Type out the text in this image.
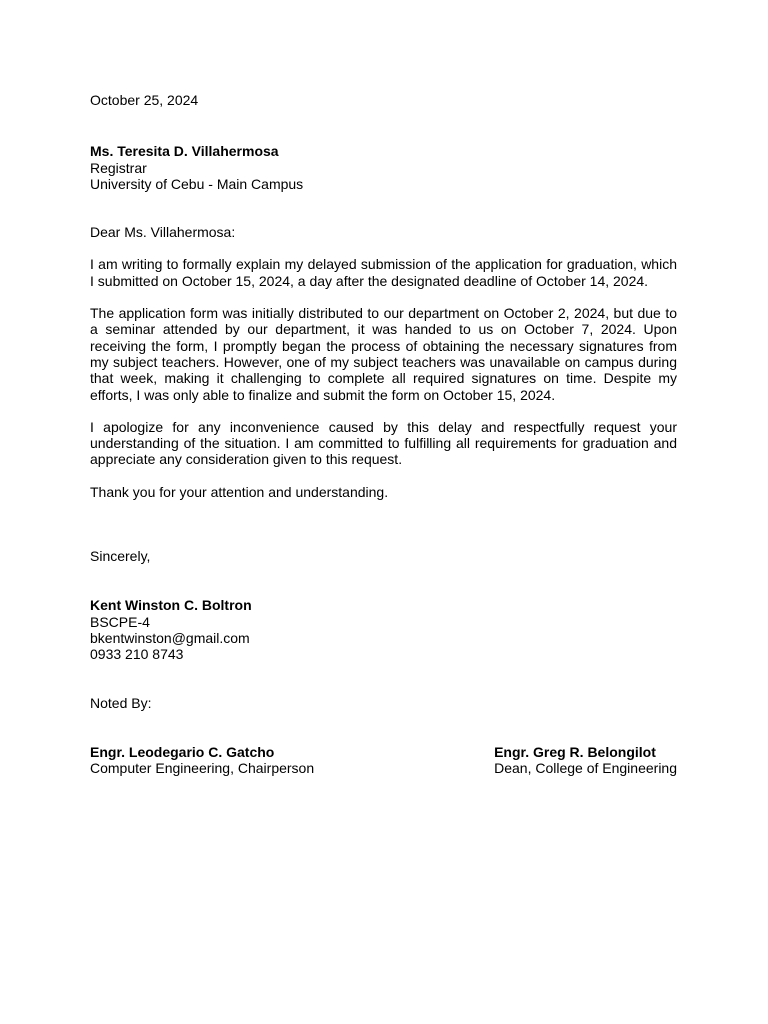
October 25, 2024
Ms. Teresita D. Villahermosa
Registrar
University of Cebu - Main Campus
Dear Ms. Villahermosa:

I am writing to formally explain my delayed submission of the application for graduation, which I submitted on October 15, 2024, a day after the designated deadline of October 14, 2024.

The application form was initially distributed to our department on October 2, 2024, but due to a seminar attended by our department, it was handed to us on October 7, 2024. Upon receiving the form, I promptly began the process of obtaining the necessary signatures from my subject teachers. However, one of my subject teachers was unavailable on campus during that week, making it challenging to complete all required signatures on time. Despite my efforts, I was only able to finalize and submit the form on October 15, 2024.

I apologize for any inconvenience caused by this delay and respectfully request your understanding of the situation. I am committed to fulfilling all requirements for graduation and appreciate any consideration given to this request.

Thank you for your attention and understanding.
Sincerely,
Kent Winston C. Boltron
BSCPE-4
bkentwinston@gmail.com
0933 210 8743
Noted By:
Engr. Leodegario C. Gatcho
Computer Engineering, Chairperson
Engr. Greg R. Belongilot
Dean, College of Engineering
